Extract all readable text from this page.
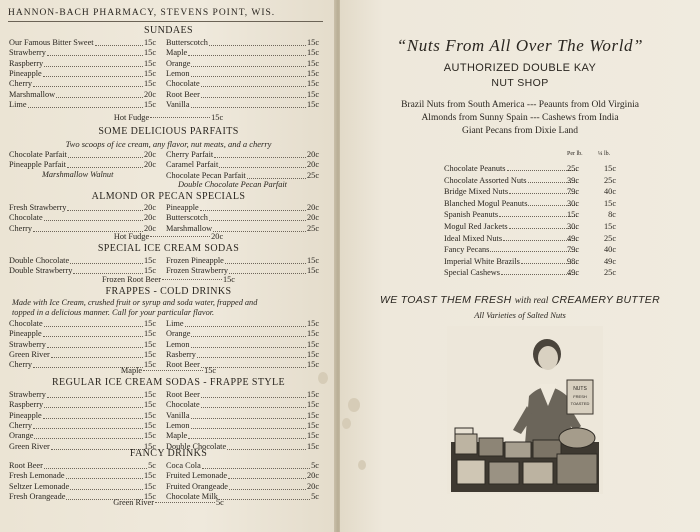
HANNON-BACH PHARMACY, STEVENS POINT, WIS.
SUNDAES
Our Famous Bitter Sweet	15c Butterscotch	15c
Strawberry	15c Maple	15c
Raspberry	15c Orange	15c
Pineapple	15c Lemon	15c
Cherry	15c Chocolate	15c
Marshmallow	20c Root Beer	15c
Lime	15c Vanilla	15c
Hot Fudge	15c
SOME DELICIOUS PARFAITS
Two scoops of ice cream, any flavor, nut meats, and a cherry
Chocolate Parfait	20c Cherry Parfait	20c
Pineapple Parfait	20c Caramel Parfait	20c
Chocolate Pecan Parfait	25c
Marshmallow Walnut
Double Chocolate Pecan Parfait
ALMOND OR PECAN SPECIALS
Fresh Strawberry	20c Pineapple	20c
Chocolate	20c Butterscotch	20c
Cherry	20c Marshmallow	25c
Hot Fudge	20c
SPECIAL ICE CREAM SODAS
Double Chocolate	15c Frozen Pineapple	15c
Double Strawberry	15c Frozen Strawberry	15c
Frozen Root Beer	15c
FRAPPES - COLD DRINKS
Made with Ice Cream, crushed fruit or syrup and soda water, frapped and
topped in a delicious manner. Call for your particular flavor.
Chocolate	15c Lime	15c
Pineapple	15c Orange	15c
Strawberry	15c Lemon	15c
Green River	15c Rasberry	15c
Cherry	15c Root Beer	15c
Maple	15c
REGULAR ICE CREAM SODAS - FRAPPE STYLE
Strawberry	15c Root Beer	15c
Raspberry	15c Chocolate	15c
Pineapple	15c Vanilla	15c
Cherry	15c Lemon	15c
Orange	15c Maple	15c
Green River	15c Double Chocolate	15c
FANCY DRINKS
Root Beer	5c Coca Cola	5c
Fresh Lemonade	15c Fruited Lemonade	20c
Seltzer Lemonade	15c Fruited Orangeade	20c
Fresh Orangeade	15c Chocolate Milk	5c
Green River	5c
“Nuts From All Over The World”
AUTHORIZED DOUBLE KAY
NUT SHOP
Brazil Nuts from South America --- Peaunts from Old Virginia
Almonds from Sunny Spain --- Cashews from India
Giant Pecans from Dixie Land
Per lb.	¼ lb.
Chocolate Peanuts	25c	15c
Chocolate Assorted Nuts	39c	25c
Bridge Mixed Nuts	79c	40c
Blanched Mogul Peanuts	30c	15c
Spanish Peanuts	15c	8c
Mogul Red Jackets	30c	15c
Ideal Mixed Nuts	49c	25c
Fancy Pecans	79c	40c
Imperial White Brazils	98c	49c
Special Cashews	49c	25c
WE TOAST THEM FRESH with real CREAMERY BUTTER
All Varieties of Salted Nuts
NUTS
FRESH
TOASTED
